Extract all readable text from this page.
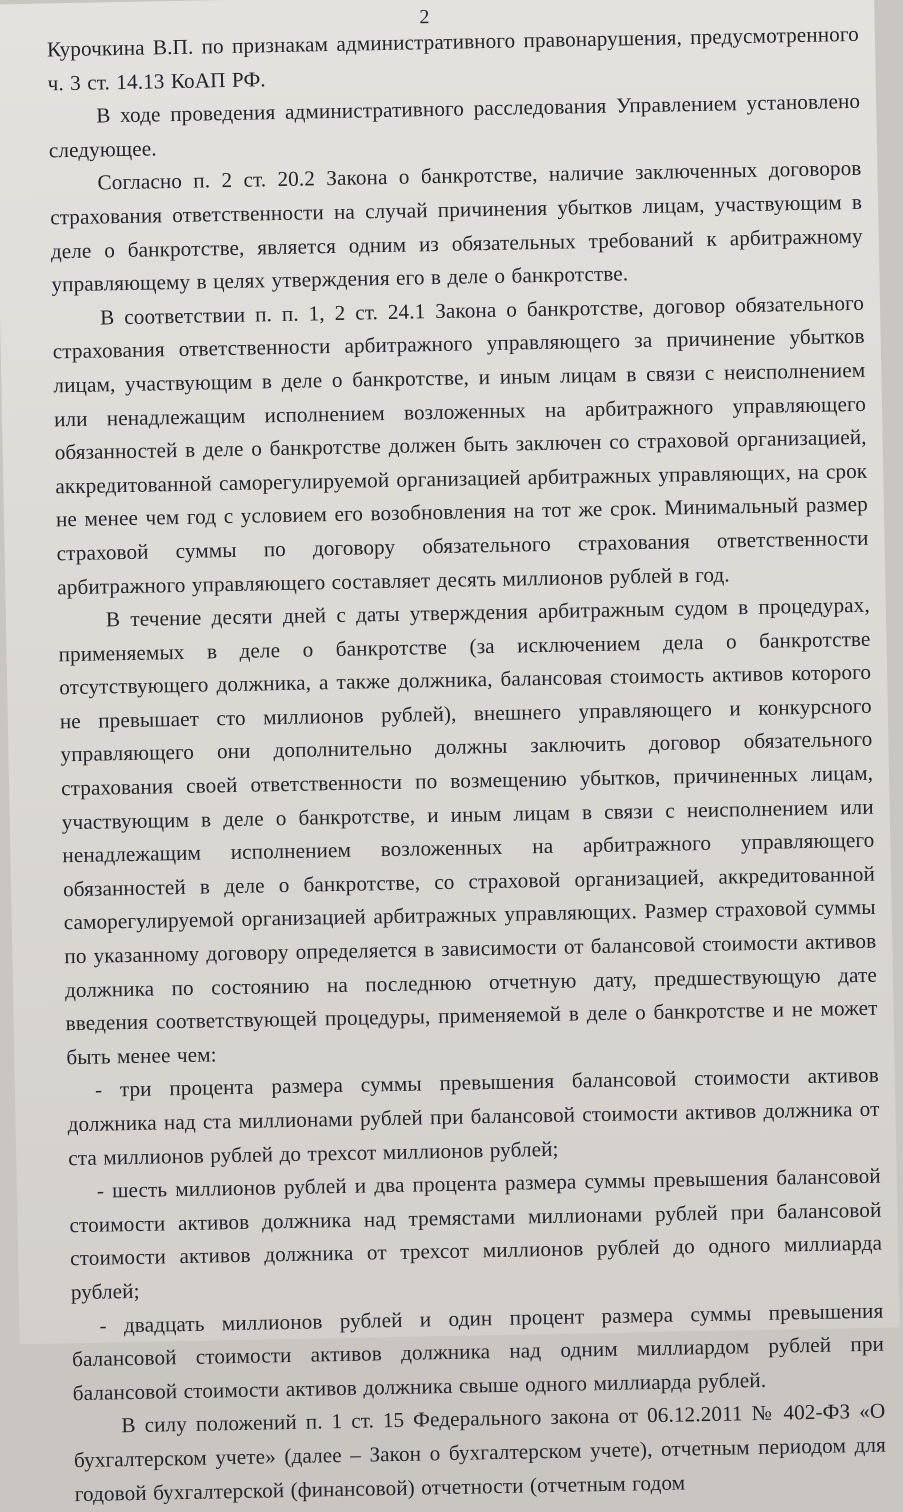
2

Курочкина В.П. по признакам административного правонарушения, предусмотренного ч. 3 ст. 14.13 КоАП РФ.

В ходе проведения административного расследования Управлением установлено следующее.

Согласно п. 2 ст. 20.2 Закона о банкротстве, наличие заключенных договоров страхования ответственности на случай причинения убытков лицам, участвующим в деле о банкротстве, является одним из обязательных требований к арбитражному управляющему в целях утверждения его в деле о банкротстве.

В соответствии п. п. 1, 2 ст. 24.1 Закона о банкротстве, договор обязательного страхования ответственности арбитражного управляющего за причинение убытков лицам, участвующим в деле о банкротстве, и иным лицам в связи с неисполнением или ненадлежащим исполнением возложенных на арбитражного управляющего обязанностей в деле о банкротстве должен быть заключен со страховой организацией, аккредитованной саморегулируемой организацией арбитражных управляющих, на срок не менее чем год с условием его возобновления на тот же срок. Минимальный размер страховой суммы по договору обязательного страхования ответственности арбитражного управляющего составляет десять миллионов рублей в год.

В течение десяти дней с даты утверждения арбитражным судом в процедурах, применяемых в деле о банкротстве (за исключением дела о банкротстве отсутствующего должника, а также должника, балансовая стоимость активов которого не превышает сто миллионов рублей), внешнего управляющего и конкурсного управляющего они дополнительно должны заключить договор обязательного страхования своей ответственности по возмещению убытков, причиненных лицам, участвующим в деле о банкротстве, и иным лицам в связи с неисполнением или ненадлежащим исполнением возложенных на арбитражного управляющего обязанностей в деле о банкротстве, со страховой организацией, аккредитованной саморегулируемой организацией арбитражных управляющих. Размер страховой суммы по указанному договору определяется в зависимости от балансовой стоимости активов должника по состоянию на последнюю отчетную дату, предшествующую дате введения соответствующей процедуры, применяемой в деле о банкротстве и не может быть менее чем:

- три процента размера суммы превышения балансовой стоимости активов должника над ста миллионами рублей при балансовой стоимости активов должника от ста миллионов рублей до трехсот миллионов рублей;

- шесть миллионов рублей и два процента размера суммы превышения балансовой стоимости активов должника над тремястами миллионами рублей при балансовой стоимости активов должника от трехсот миллионов рублей до одного миллиарда рублей;

- двадцать миллионов рублей и один процент размера суммы превышения балансовой стоимости активов должника над одним миллиардом рублей при балансовой стоимости активов должника свыше одного миллиарда рублей.

В силу положений п. 1 ст. 15 Федерального закона от 06.12.2011 № 402-ФЗ «О бухгалтерском учете» (далее – Закон о бухгалтерском учете), отчетным периодом для годовой бухгалтерской (финансовой) отчетности (отчетным годом
